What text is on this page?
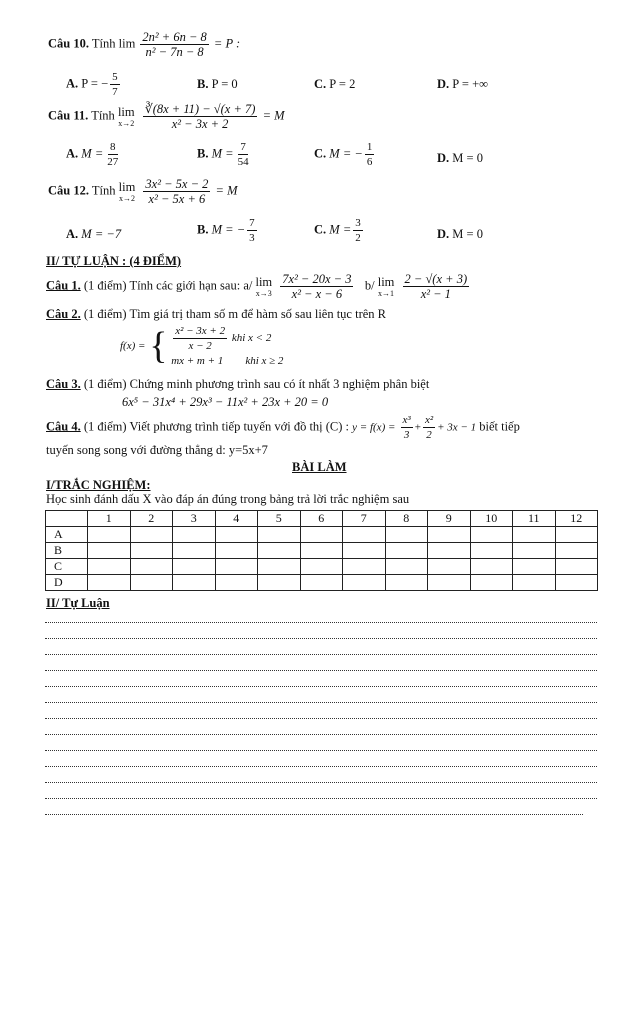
Câu 10. Tính $\lim \frac{\text{2n² + 6n − 8}}{\text{n² − 7n − 8}} = P$ :
A. P = − $\frac{5}{7}$	B. P = 0	C. P = 2	D. P = +∞
Câu 11. Tính lim
x→2
$\frac{∛(8x + 11) - √(x + 7)}{\text{x² − 3x + 2}} = M$
A. $M = \frac{8}{27}$	B. $M = \frac{7}{54}$	C. M = − $\frac{1}{6}$	D. M = 0
Câu 12. Tính lim
x→2
$\frac{\text{3x² − 5x − 2}}{\text{x² − 5x + 6}} = M$
A. M = −7	B. M = − $\frac{7}{3}$	C. $M = \frac{3}{2}$	D. M = 0
II/ TỰ LUẬN : (4 ĐIỂM)
Câu 1. (1 điểm) Tính các giới hạn sau: a/ lim
x→3
$\frac{\text{7x² − 20x − 3}}{\text{x² − x − 6}} b/$ lim
x→1
$\frac{2 - √(x + 3)}{\text{x² − 1}}$
Câu 2. (1 điểm) Tìm giá trị tham số m để hàm số sau liên tục trên R
f(x) = { $\frac{\text{x² − 3x + 2}}{x - 2}$ khi x < 2
mx + m + 1 khi x ≥ 2
Câu 3. (1 điểm) Chứng minh phương trình sau có ít nhất 3 nghiệm phân biệt
6x⁵ − 31x⁴ + 29x³ − 11x² + 23x + 20 = 0
Câu 4. (1 điểm) Viết phương trình tiếp tuyến với đồ thị (C) : $y = f(x) = \frac{\text{x³}}{3} + \frac{\text{x²}}{2} + 3x - 1$ biết tiếp
tuyến song song với đường thẳng d: y=5x+7
BÀI LÀM
I/TRẮC NGHIỆM:
Học sinh đánh dấu X vào đáp án đúng trong bảng trả lời trắc nghiệm sau
	1	2	3	4	5	6	7	8	9	10	11	12
A												
B												
C												
D												
II/ Tự Luận
